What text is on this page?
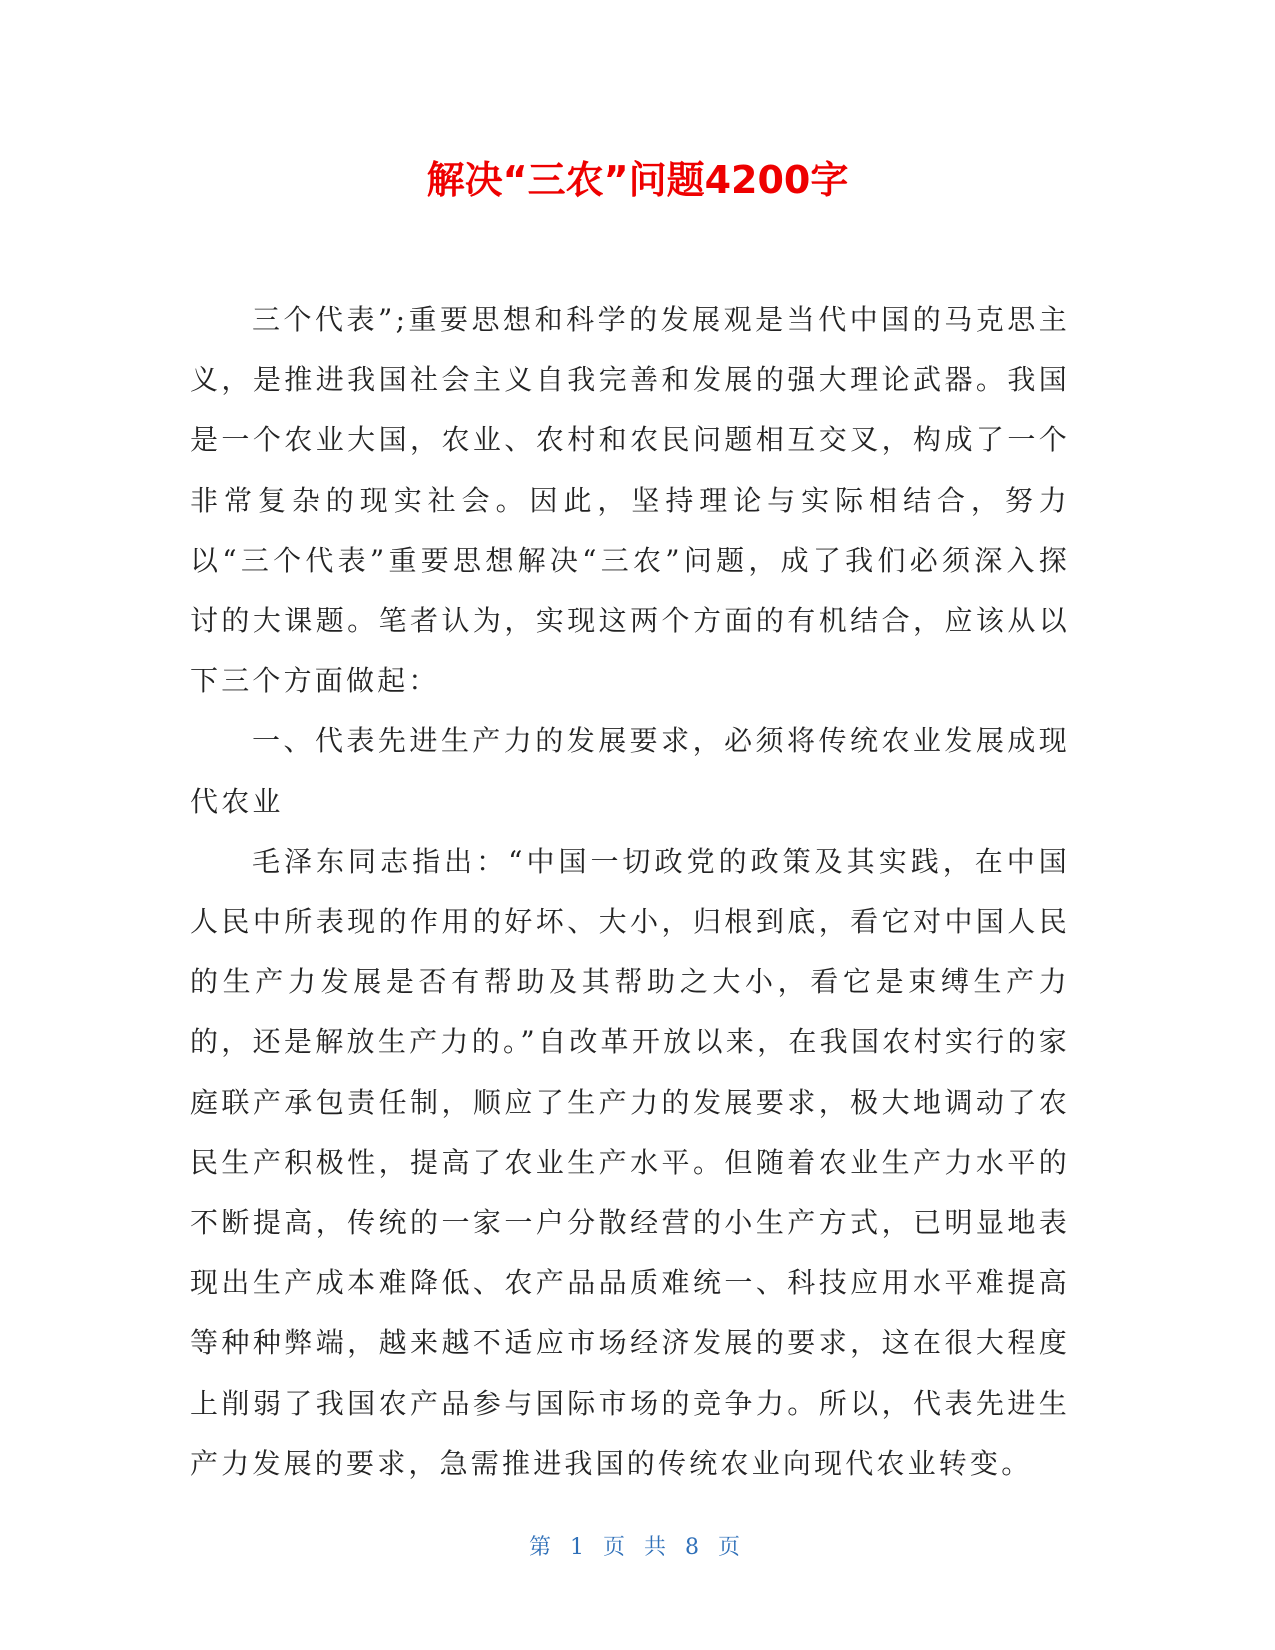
解决“三农”问题4200字

三个代表”;重要思想和科学的发展观是当代中国的马克思主义，是推进我国社会主义自我完善和发展的强大理论武器。我国是一个农业大国，农业、农村和农民问题相互交叉，构成了一个非常复杂的现实社会。因此，坚持理论与实际相结合，努力以“三个代表”重要思想解决“三农”问题，成了我们必须深入探讨的大课题。笔者认为，实现这两个方面的有机结合，应该从以下三个方面做起：

一、代表先进生产力的发展要求，必须将传统农业发展成现代农业

毛泽东同志指出：“中国一切政党的政策及其实践，在中国人民中所表现的作用的好坏、大小，归根到底，看它对中国人民的生产力发展是否有帮助及其帮助之大小，看它是束缚生产力的，还是解放生产力的。”自改革开放以来，在我国农村实行的家庭联产承包责任制，顺应了生产力的发展要求，极大地调动了农民生产积极性，提高了农业生产水平。但随着农业生产力水平的不断提高，传统的一家一户分散经营的小生产方式，已明显地表现出生产成本难降低、农产品品质难统一、科技应用水平难提高等种种弊端，越来越不适应市场经济发展的要求，这在很大程度上削弱了我国农产品参与国际市场的竞争力。所以，代表先进生产力发展的要求，急需推进我国的传统农业向现代农业转变。

第 1 页 共 8 页
